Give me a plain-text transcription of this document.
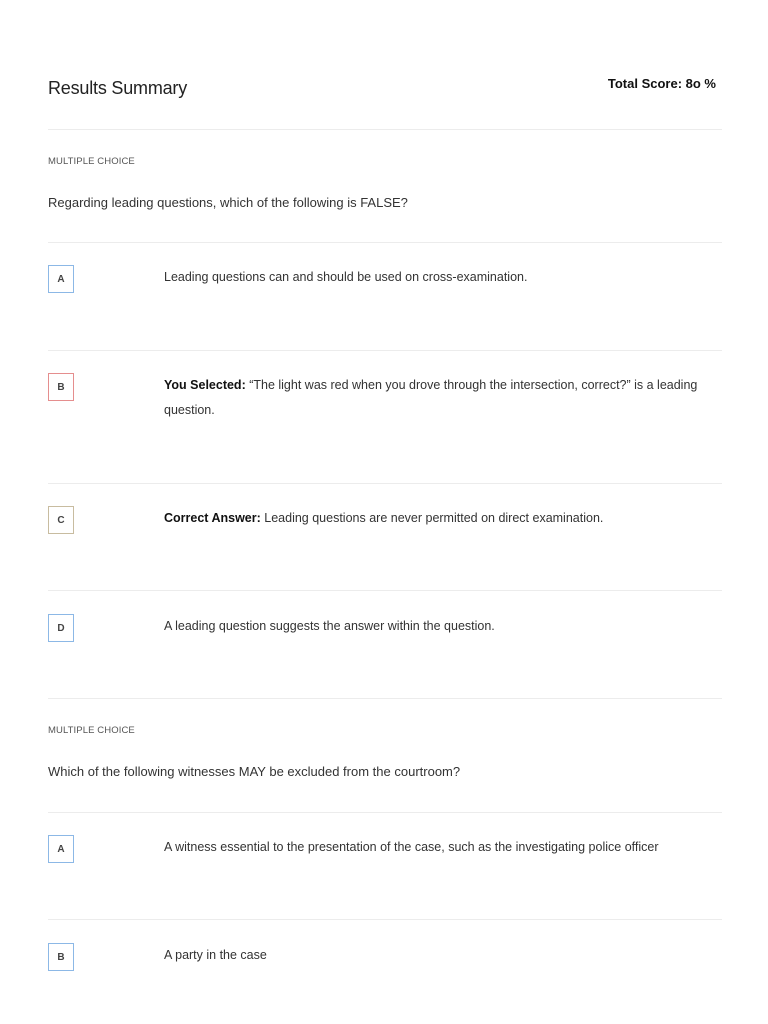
Results Summary	Total Score: 8o %
MULTIPLE CHOICE
Regarding leading questions, which of the following is FALSE?
A	Leading questions can and should be used on cross-examination.
B	You Selected: “The light was red when you drove through the intersection, correct?” is a leading question.
C	Correct Answer: Leading questions are never permitted on direct examination.
D	A leading question suggests the answer within the question.
MULTIPLE CHOICE
Which of the following witnesses MAY be excluded from the courtroom?
A	A witness essential to the presentation of the case, such as the investigating police officer
B	A party in the case
